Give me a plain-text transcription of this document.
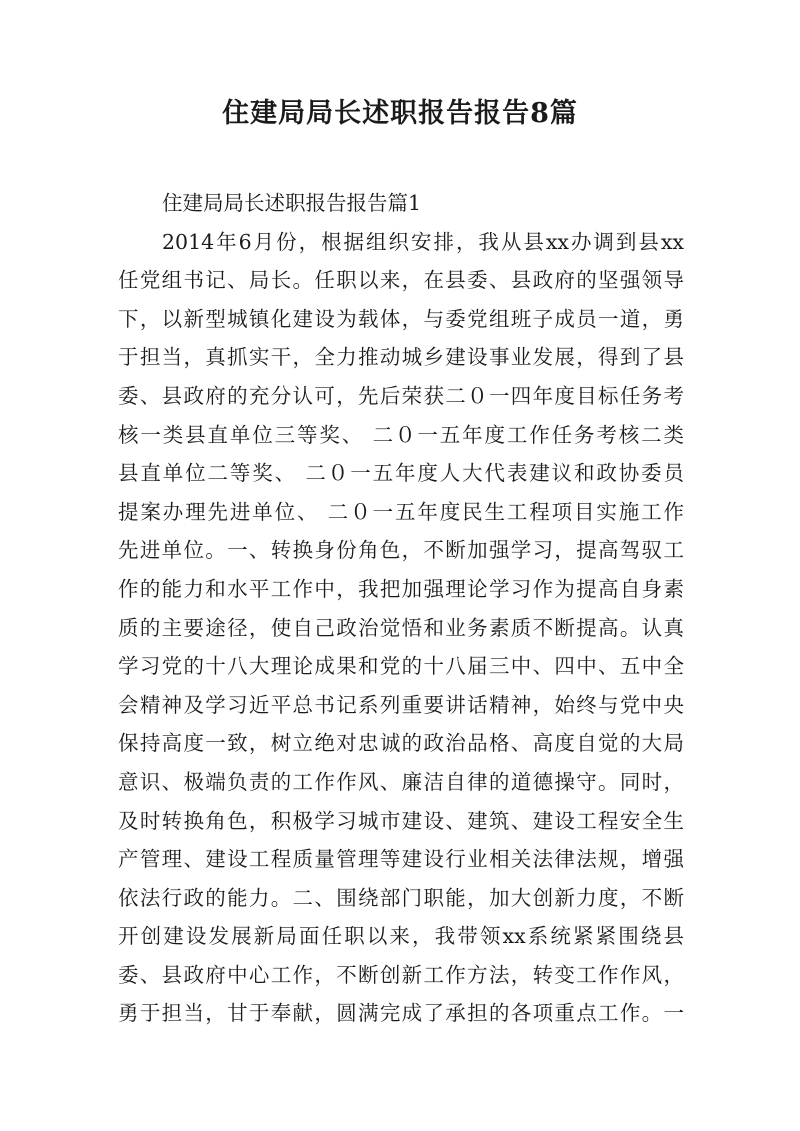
住建局局长述职报告报告8篇
住建局局长述职报告报告篇1
2014年6月份，根据组织安排，我从县xx办调到县xx
任党组书记、局长。任职以来，在县委、县政府的坚强领导
下，以新型城镇化建设为载体，与委党组班子成员一道，勇
于担当，真抓实干，全力推动城乡建设事业发展，得到了县
委、县政府的充分认可，先后荣获二０一四年度目标任务考
核一类县直单位三等奖、 二０一五年度工作任务考核二类
县直单位二等奖、 二０一五年度人大代表建议和政协委员
提案办理先进单位、 二０一五年度民生工程项目实施工作
先进单位。一、转换身份角色，不断加强学习，提高驾驭工
作的能力和水平工作中，我把加强理论学习作为提高自身素
质的主要途径，使自己政治觉悟和业务素质不断提高。认真
学习党的十八大理论成果和党的十八届三中、四中、五中全
会精神及学习近平总书记系列重要讲话精神，始终与党中央
保持高度一致，树立绝对忠诚的政治品格、高度自觉的大局
意识、极端负责的工作作风、廉洁自律的道德操守。同时，
及时转换角色，积极学习城市建设、建筑、建设工程安全生
产管理、建设工程质量管理等建设行业相关法律法规，增强
依法行政的能力。二、围绕部门职能，加大创新力度，不断
开创建设发展新局面任职以来，我带领xx系统紧紧围绕县
委、县政府中心工作，不断创新工作方法，转变工作作风，
勇于担当，甘于奉献，圆满完成了承担的各项重点工作。一
